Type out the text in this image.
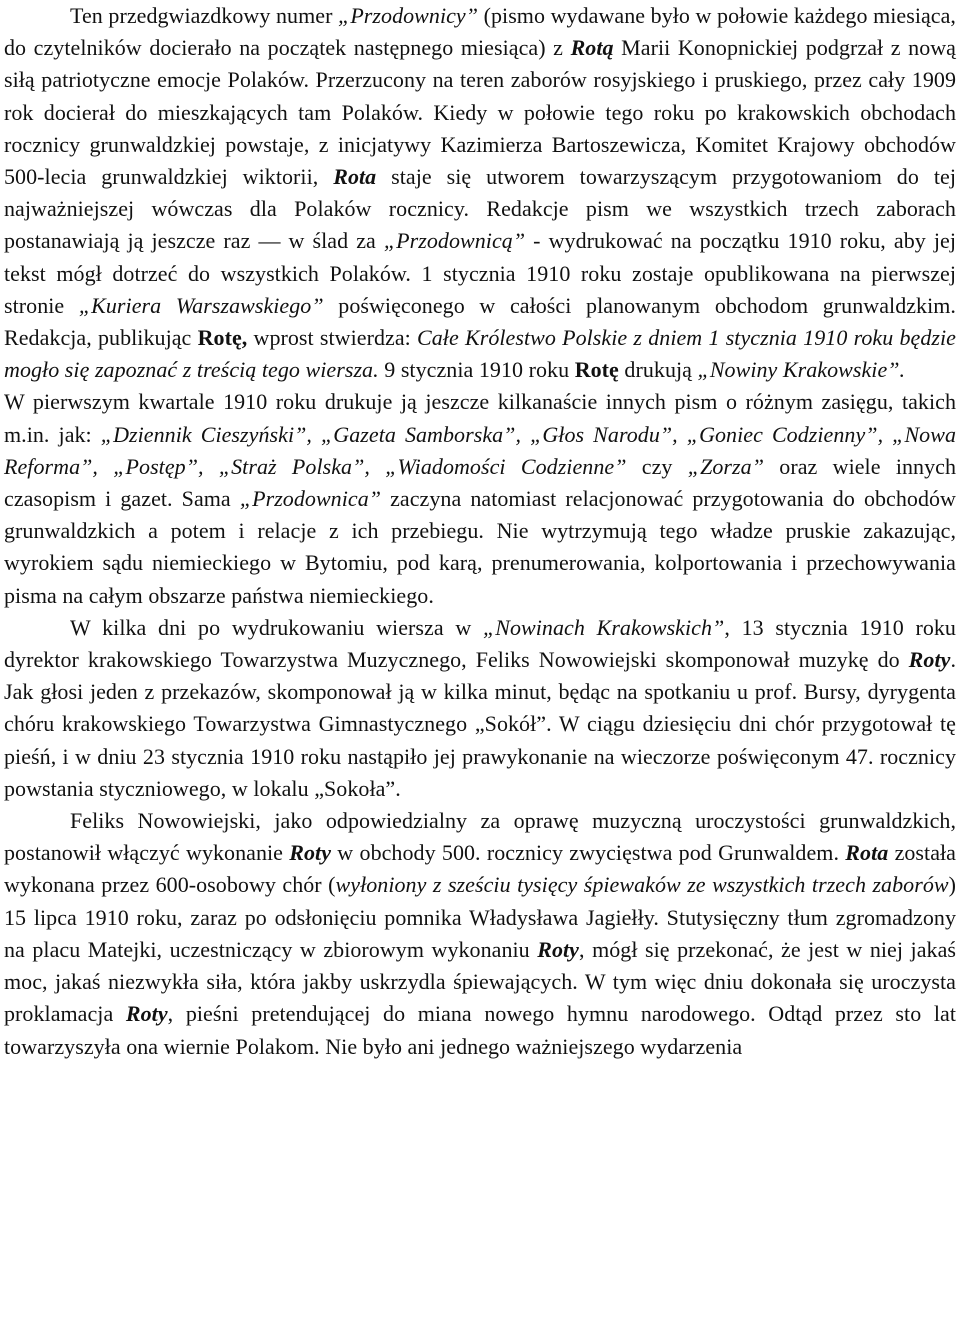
Ten przedgwiazdkowy numer „Przodownicy” (pismo wydawane było w połowie każdego miesiąca, do czytelników docierało na początek następnego miesiąca) z Rotą Marii Konopnickiej podgrzał z nową siłą patriotyczne emocje Polaków. Przerzucony na teren zaborów rosyjskiego i pruskiego, przez cały 1909 rok docierał do mieszkających tam Polaków. Kiedy w połowie tego roku po krakowskich obchodach rocznicy grunwaldzkiej powstaje, z inicjatywy Kazimierza Bartoszewicza, Komitet Krajowy obchodów 500-lecia grunwaldzkiej wiktorii, Rota staje się utworem towarzyszącym przygotowaniom do tej najważniejszej wówczas dla Polaków rocznicy. Redakcje pism we wszystkich trzech zaborach postanawiają ją jeszcze raz — w ślad za „Przodownicą” - wydrukować na początku 1910 roku, aby jej tekst mógł dotrzeć do wszystkich Polaków. 1 stycznia 1910 roku zostaje opublikowana na pierwszej stronie „Kuriera Warszawskiego” poświęconego w całości planowanym obchodom grunwaldzkim. Redakcja, publikując Rotę, wprost stwierdza: Całe Królestwo Polskie z dniem 1 stycznia 1910 roku będzie mogło się zapoznać z treścią tego wiersza. 9 stycznia 1910 roku Rotę drukują „Nowiny Krakowskie”.

W pierwszym kwartale 1910 roku drukuje ją jeszcze kilkanaście innych pism o różnym zasięgu, takich m.in. jak: „Dziennik Cieszyński”, „Gazeta Samborska”, „Głos Narodu”, „Goniec Codzienny”, „Nowa Reforma”, „Postęp”, „Straż Polska”, „Wiadomości Codzienne” czy „Zorza” oraz wiele innych czasopism i gazet. Sama „Przodownica” zaczyna natomiast relacjonować przygotowania do obchodów grunwaldzkich a potem i relacje z ich przebiegu. Nie wytrzymują tego władze pruskie zakazując, wyrokiem sądu niemieckiego w Bytomiu, pod karą, prenumerowania, kolportowania i przechowywania pisma na całym obszarze państwa niemieckiego.

W kilka dni po wydrukowaniu wiersza w „Nowinach Krakowskich”, 13 stycznia 1910 roku dyrektor krakowskiego Towarzystwa Muzycznego, Feliks Nowowiejski skomponował muzykę do Roty. Jak głosi jeden z przekazów, skomponował ją w kilka minut, będąc na spotkaniu u prof. Bursy, dyrygenta chóru krakowskiego Towarzystwa Gimnastycznego „Sokół”. W ciągu dziesięciu dni chór przygotował tę pieśń, i w dniu 23 stycznia 1910 roku nastąpiło jej prawykonanie na wieczorze poświęconym 47. rocznicy powstania styczniowego, w lokalu „Sokoła”.

Feliks Nowowiejski, jako odpowiedzialny za oprawę muzyczną uroczystości grunwaldzkich, postanowił włączyć wykonanie Roty w obchody 500. rocznicy zwycięstwa pod Grunwaldem. Rota została wykonana przez 600-osobowy chór (wyłoniony z sześciu tysięcy śpiewaków ze wszystkich trzech zaborów) 15 lipca 1910 roku, zaraz po odsłonięciu pomnika Władysława Jagiełły. Stutysięczny tłum zgromadzony na placu Matejki, uczestniczący w zbiorowym wykonaniu Roty, mógł się przekonać, że jest w niej jakaś moc, jakaś niezwykła siła, która jakby uskrzydla śpiewających. W tym więc dniu dokonała się uroczysta proklamacja Roty, pieśni pretendującej do miana nowego hymnu narodowego. Odtąd przez sto lat towarzyszyła ona wiernie Polakom. Nie było ani jednego ważniejszego wydarzenia
